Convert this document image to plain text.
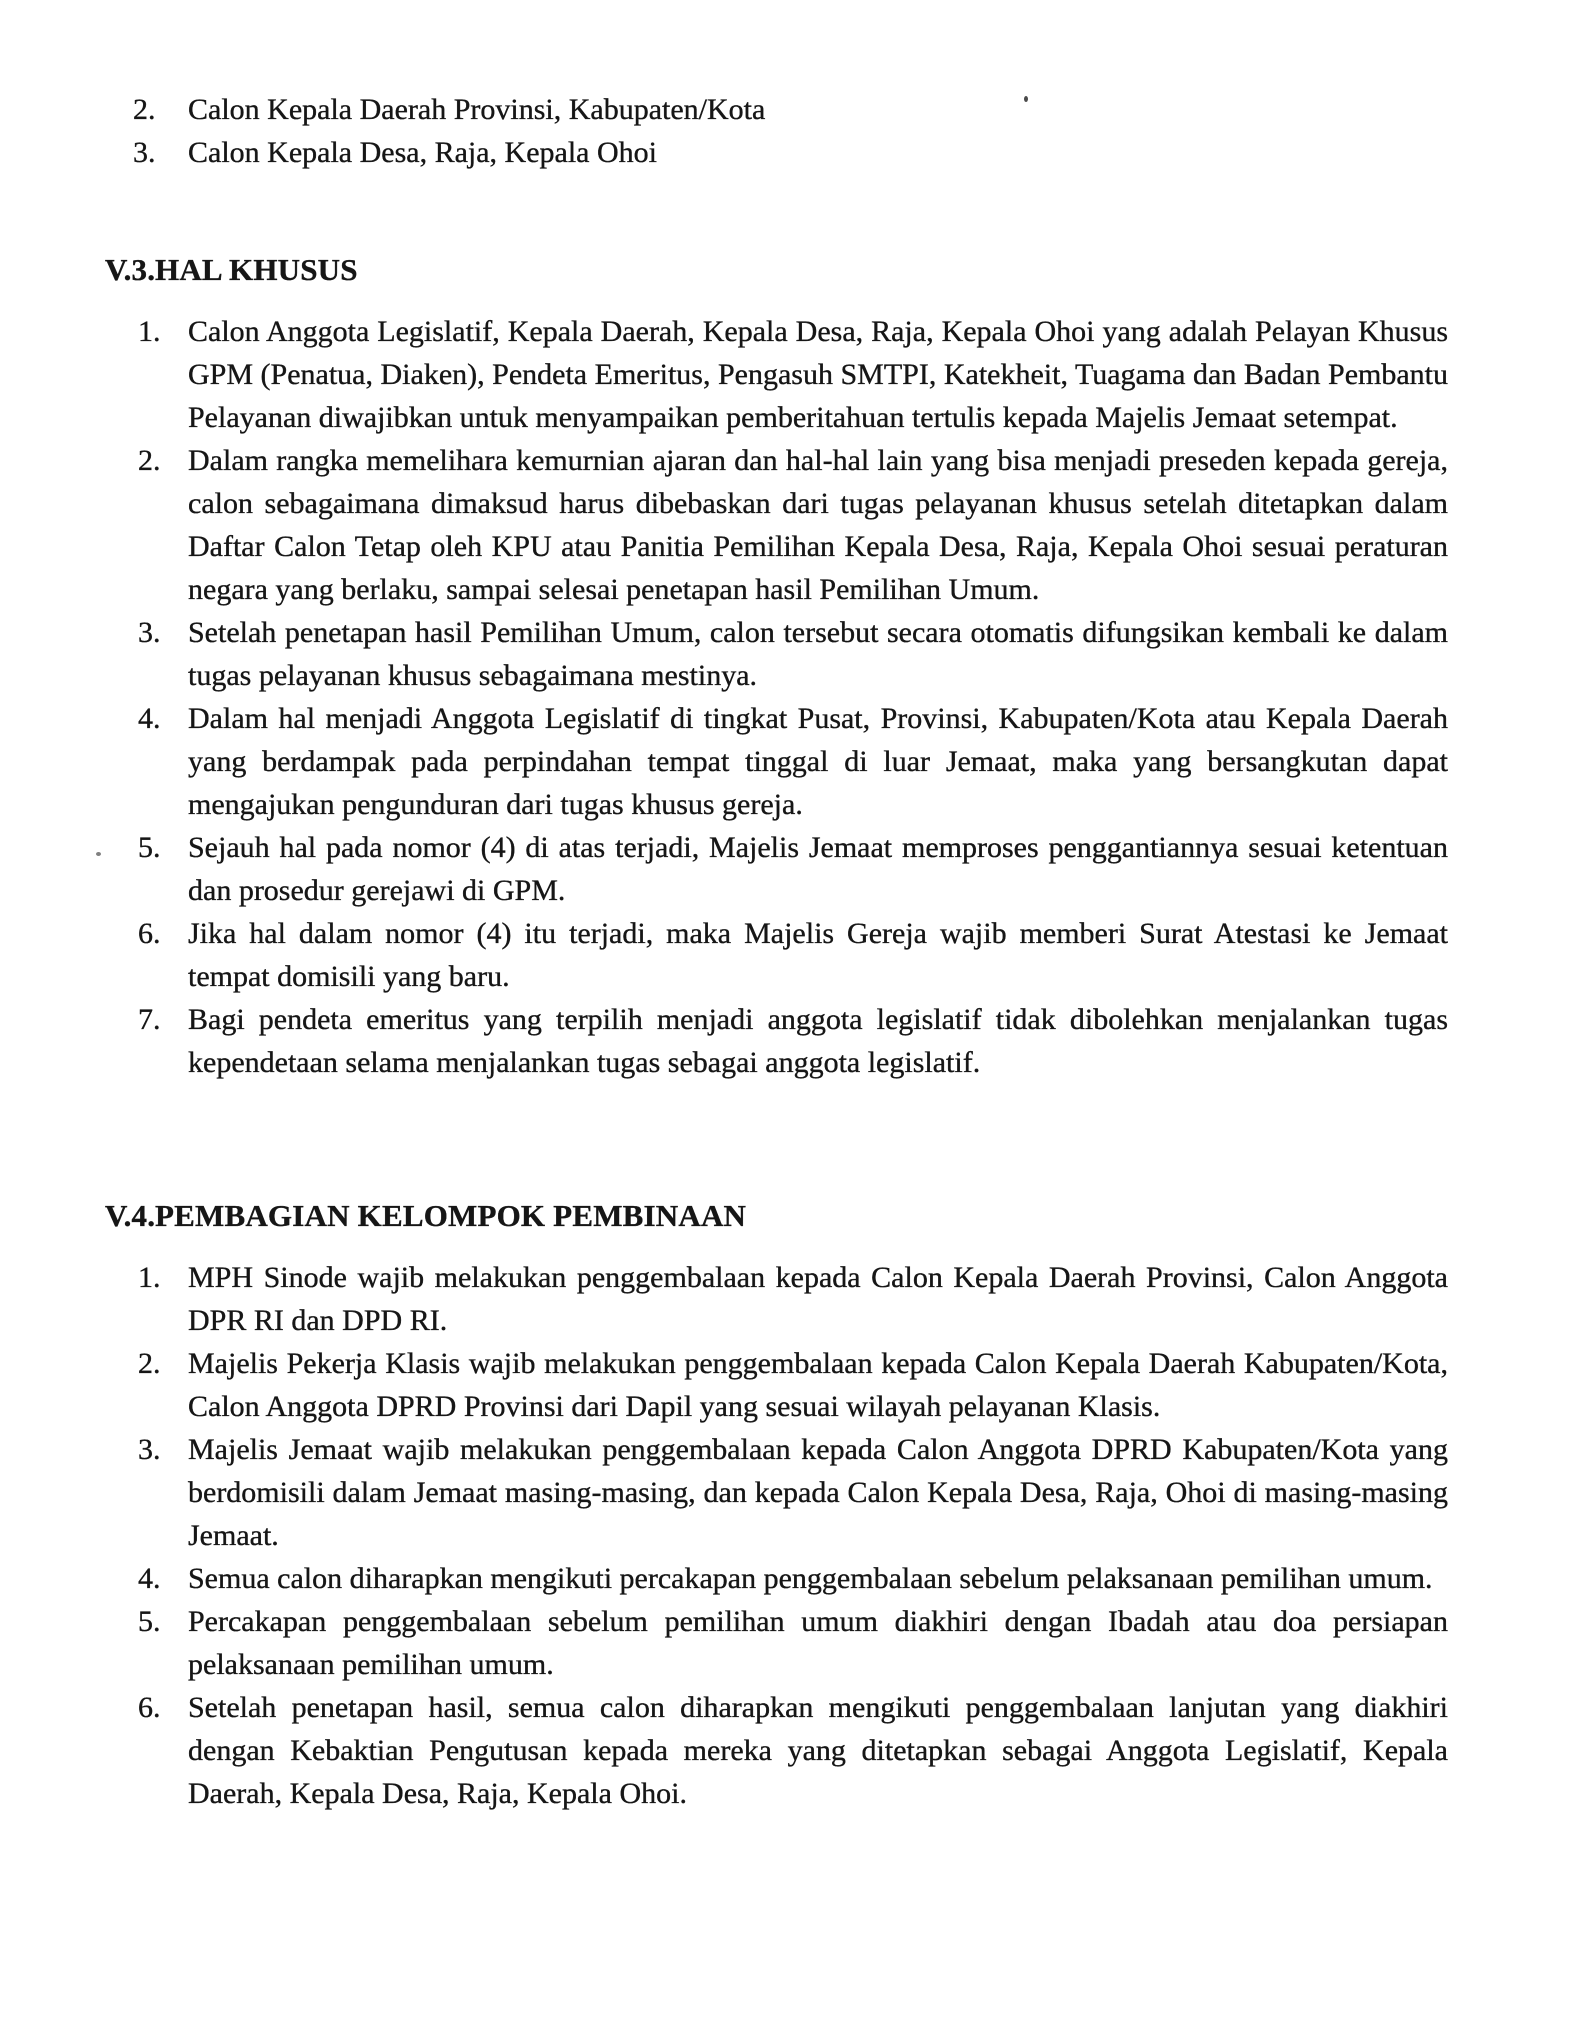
2.	Calon Kepala Daerah Provinsi, Kabupaten/Kota
3.	Calon Kepala Desa, Raja, Kepala Ohoi
V.3. HAL KHUSUS
1. Calon Anggota Legislatif, Kepala Daerah, Kepala Desa, Raja, Kepala Ohoi yang adalah Pelayan Khusus GPM (Penatua, Diaken), Pendeta Emeritus, Pengasuh SMTPI, Katekheit, Tuagama dan Badan Pembantu Pelayanan diwajibkan untuk menyampaikan pemberitahuan tertulis kepada Majelis Jemaat setempat.
2. Dalam rangka memelihara kemurnian ajaran dan hal-hal lain yang bisa menjadi preseden kepada gereja, calon sebagaimana dimaksud harus dibebaskan dari tugas pelayanan khusus setelah ditetapkan dalam Daftar Calon Tetap oleh KPU atau Panitia Pemilihan Kepala Desa, Raja, Kepala Ohoi sesuai peraturan negara yang berlaku, sampai selesai penetapan hasil Pemilihan Umum.
3. Setelah penetapan hasil Pemilihan Umum, calon tersebut secara otomatis difungsikan kembali ke dalam tugas pelayanan khusus sebagaimana mestinya.
4. Dalam hal menjadi Anggota Legislatif di tingkat Pusat, Provinsi, Kabupaten/Kota atau Kepala Daerah yang berdampak pada perpindahan tempat tinggal di luar Jemaat, maka yang bersangkutan dapat mengajukan pengunduran dari tugas khusus gereja.
5. Sejauh hal pada nomor (4) di atas terjadi, Majelis Jemaat memproses penggantiannya sesuai ketentuan dan prosedur gerejawi di GPM.
6. Jika hal dalam nomor (4) itu terjadi, maka Majelis Gereja wajib memberi Surat Atestasi ke Jemaat tempat domisili yang baru.
7. Bagi pendeta emeritus yang terpilih menjadi anggota legislatif tidak dibolehkan menjalankan tugas kependetaan selama menjalankan tugas sebagai anggota legislatif.
V.4. PEMBAGIAN KELOMPOK PEMBINAAN
1. MPH Sinode wajib melakukan penggembalaan kepada Calon Kepala Daerah Provinsi, Calon Anggota DPR RI dan DPD RI.
2. Majelis Pekerja Klasis wajib melakukan penggembalaan kepada Calon Kepala Daerah Kabupaten/Kota, Calon Anggota DPRD Provinsi dari Dapil yang sesuai wilayah pelayanan Klasis.
3. Majelis Jemaat wajib melakukan penggembalaan kepada Calon Anggota DPRD Kabupaten/Kota yang berdomisili dalam Jemaat masing-masing, dan kepada Calon Kepala Desa, Raja, Ohoi di masing-masing Jemaat.
4. Semua calon diharapkan mengikuti percakapan penggembalaan sebelum pelaksanaan pemilihan umum.
5. Percakapan penggembalaan sebelum pemilihan umum diakhiri dengan Ibadah atau doa persiapan pelaksanaan pemilihan umum.
6. Setelah penetapan hasil, semua calon diharapkan mengikuti penggembalaan lanjutan yang diakhiri dengan Kebaktian Pengutusan kepada mereka yang ditetapkan sebagai Anggota Legislatif, Kepala Daerah, Kepala Desa, Raja, Kepala Ohoi.
